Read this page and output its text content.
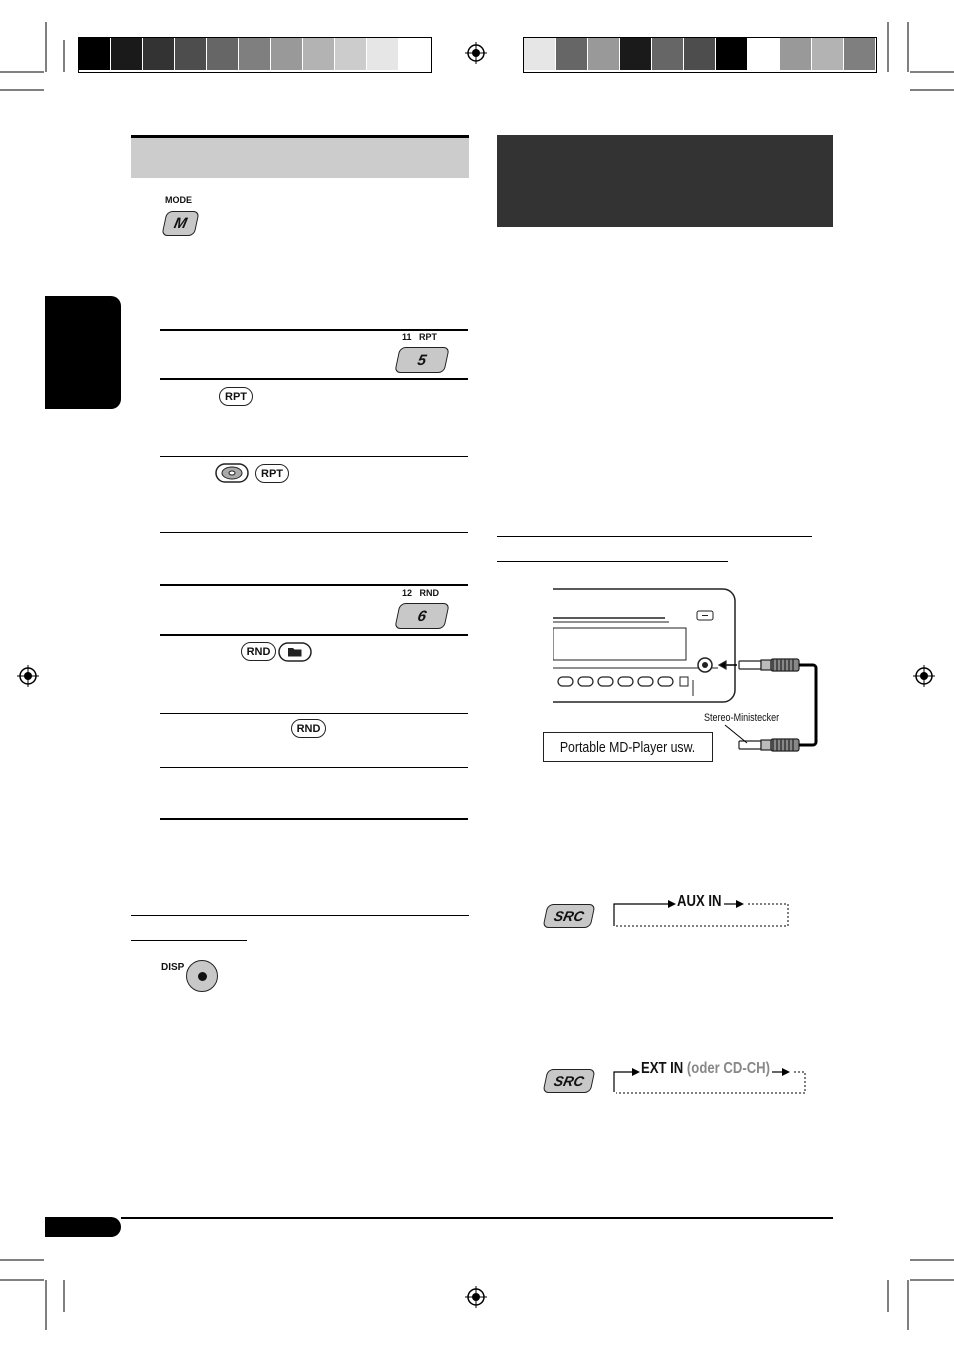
MODE
M
11   RPT
5
RPT
RPT
12   RND
6
RND
RND
DISP
Stereo-Ministecker
Portable MD-Player usw.
SRC
AUX IN
SRC
EXT IN (oder CD-CH)
